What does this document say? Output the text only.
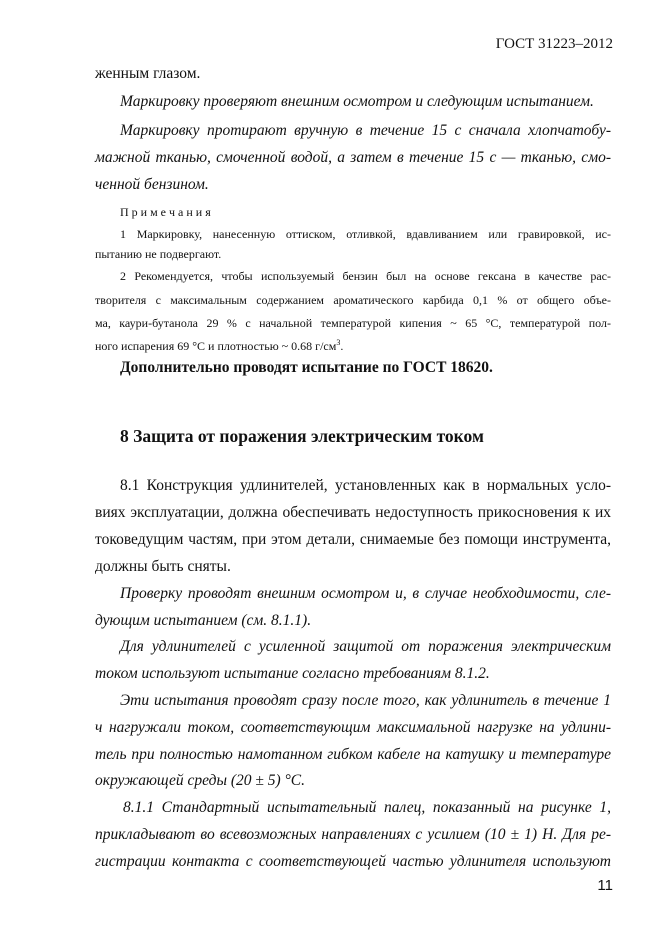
ГОСТ 31223–2012
женным глазом.
Маркировку проверяют внешним осмотром и следующим испытанием.
Маркировку протирают вручную в течение 15 с сначала хлопчатобу-
мажной тканью, смоченной водой, а затем в течение 15 с — тканью, смо-
ченной бензином.
П р и м е ч а н и я
1 Маркировку, нанесенную оттиском, отливкой, вдавливанием или гравировкой, ис-
пытанию не подвергают.
2 Рекомендуется, чтобы используемый бензин был на основе гексана в качестве рас-
творителя с максимальным содержанием ароматического карбида 0,1 % от общего объе-
ма, каури-бутанола 29 % с начальной температурой кипения ~ 65 °С, температурой пол-
ного испарения 69 °С и плотностью ~ 0.68 $г/см^3$.
Дополнительно проводят испытание по ГОСТ 18620.
8 Защита от поражения электрическим током
8.1 Конструкция удлинителей, установленных как в нормальных усло-
виях эксплуатации, должна обеспечивать недоступность прикосновения к их
токоведущим частям, при этом детали, снимаемые без помощи инструмента,
должны быть сняты.
Проверку проводят внешним осмотром и, в случае необходимости, сле-
дующим испытанием (см. 8.1.1).
Для удлинителей с усиленной защитой от поражения электрическим
током используют испытание согласно требованиям 8.1.2.
Эти испытания проводят сразу после того, как удлинитель в течение 1
ч нагружали током, соответствующим максимальной нагрузке на удлини-
тель при полностью намотанном гибком кабеле на катушку и температуре
окружающей среды (20 ± 5) °С.
8.1.1 Стандартный испытательный палец, показанный на рисунке 1,
прикладывают во всевозможных направлениях с усилием (10 ± 1) Н. Для ре-
гистрации контакта с соответствующей частью удлинителя используют
11
